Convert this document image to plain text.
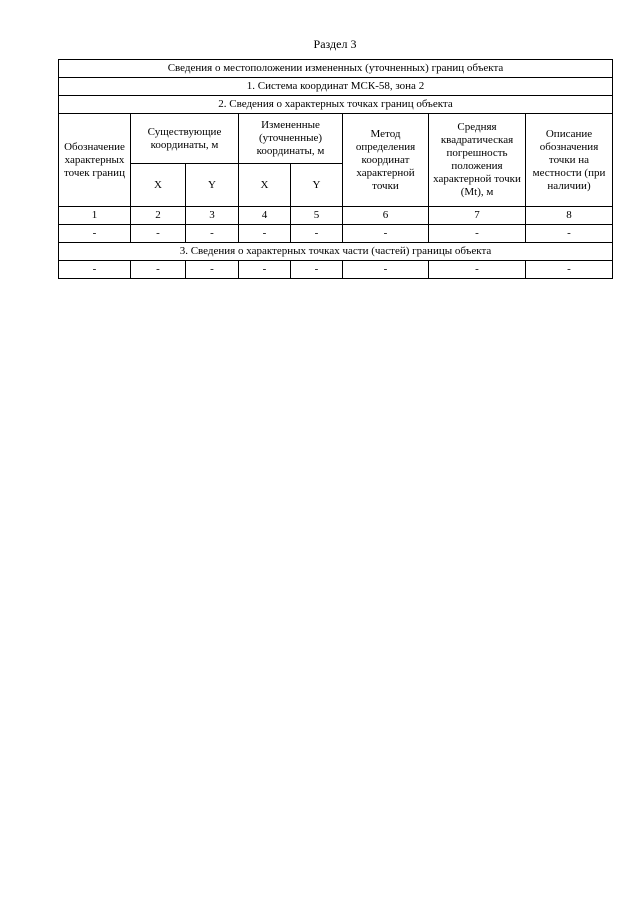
Раздел 3
Сведения о местоположении измененных (уточненных) границ объекта							
1. Система координат МСК-58, зона 2							
2. Сведения о характерных точках границ объекта							
Обозначение характерных точек границ	Существующие координаты, м		Измененные (уточненные) координаты, м		Метод определения координат характерной точки	Средняя квадратическая погрешность положения характерной точки (Mt), м	Описание обозначения точки на местности (при наличии)
	X	Y	X	Y			
1	2	3	4	5	6	7	8
-	-	-	-	-	-	-	-
3. Сведения о характерных точках части (частей) границы объекта							
-	-	-	-	-	-	-	-
